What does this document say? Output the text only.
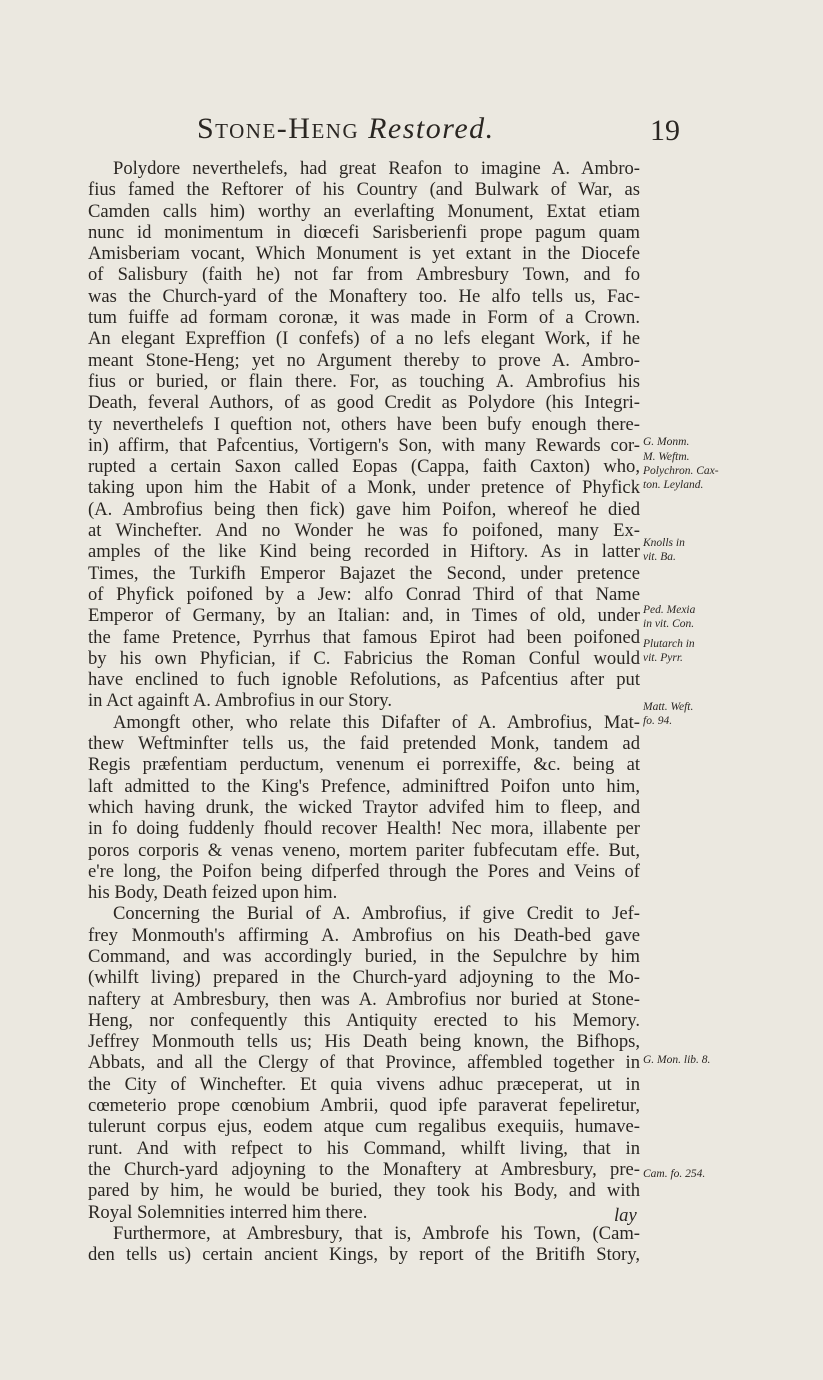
Stone-Heng Restored.	19
Polydore neverthelefs, had great Reafon to imagine A. Ambro-
fius famed the Reftorer of his Country (and Bulwark of War, as
Camden calls him) worthy an everlafting Monument, Extat etiam
nunc id monimentum in diœcefi Sarisberienfi prope pagum quam
Amisberiam vocant, Which Monument is yet extant in the Diocefe
of Salisbury (faith he) not far from Ambresbury Town, and fo
was the Church-yard of the Monaftery too. He alfo tells us, Fac-
tum fuiffe ad formam coronæ, it was made in Form of a Crown.
An elegant Expreffion (I confefs) of a no lefs elegant Work, if he
meant Stone-Heng; yet no Argument thereby to prove A. Ambro-
fius or buried, or flain there. For, as touching A. Ambrofius his
Death, feveral Authors, of as good Credit as Polydore (his Integri-
ty neverthelefs I queftion not, others have been bufy enough there-
in) affirm, that Pafcentius, Vortigern's Son, with many Rewards cor-
rupted a certain Saxon called Eopas (Cappa, faith Caxton) who,
taking upon him the Habit of a Monk, under pretence of Phyfick
(A. Ambrofius being then fick) gave him Poifon, whereof he died
at Winchefter. And no Wonder he was fo poifoned, many Ex-
amples of the like Kind being recorded in Hiftory. As in latter
Times, the Turkifh Emperor Bajazet the Second, under pretence
of Phyfick poifoned by a Jew: alfo Conrad Third of that Name
Emperor of Germany, by an Italian: and, in Times of old, under
the fame Pretence, Pyrrhus that famous Epirot had been poifoned
by his own Phyfician, if C. Fabricius the Roman Conful would
have enclined to fuch ignoble Refolutions, as Pafcentius after put
in Act againft A. Ambrofius in our Story.
Amongft other, who relate this Difafter of A. Ambrofius, Mat-
thew Weftminfter tells us, the faid pretended Monk, tandem ad
Regis præfentiam perductum, venenum ei porrexiffe, &c. being at
laft admitted to the King's Prefence, adminiftred Poifon unto him,
which having drunk, the wicked Traytor advifed him to fleep, and
in fo doing fuddenly fhould recover Health! Nec mora, illabente per
poros corporis & venas veneno, mortem pariter fubfecutam effe. But,
e're long, the Poifon being difperfed through the Pores and Veins of
his Body, Death feized upon him.
Concerning the Burial of A. Ambrofius, if give Credit to Jef-
frey Monmouth's affirming A. Ambrofius on his Death-bed gave
Command, and was accordingly buried, in the Sepulchre by him
(whilft living) prepared in the Church-yard adjoyning to the Mo-
naftery at Ambresbury, then was A. Ambrofius nor buried at Stone-
Heng, nor confequently this Antiquity erected to his Memory.
Jeffrey Monmouth tells us; His Death being known, the Bifhops,
Abbats, and all the Clergy of that Province, affembled together in
the City of Winchefter. Et quia vivens adhuc præceperat, ut in
cœmeterio prope cœnobium Ambrii, quod ipfe paraverat fepeliretur,
tulerunt corpus ejus, eodem atque cum regalibus exequiis, humave-
runt. And with refpect to his Command, whilft living, that in
the Church-yard adjoyning to the Monaftery at Ambresbury, pre-
pared by him, he would be buried, they took his Body, and with
Royal Solemnities interred him there.
Furthermore, at Ambresbury, that is, Ambrofe his Town, (Cam-
den tells us) certain ancient Kings, by report of the Britifh Story,
lay
G. Monm.
M. Weftm.
Polychron. Cax-
ton. Leyland.
Knolls in
vit. Ba.
Ped. Mexia
in vit. Con.
Plutarch in
vit. Pyrr.
Matt. Weft.
fo. 94.
G. Mon. lib. 8.
Cam. fo. 254.
